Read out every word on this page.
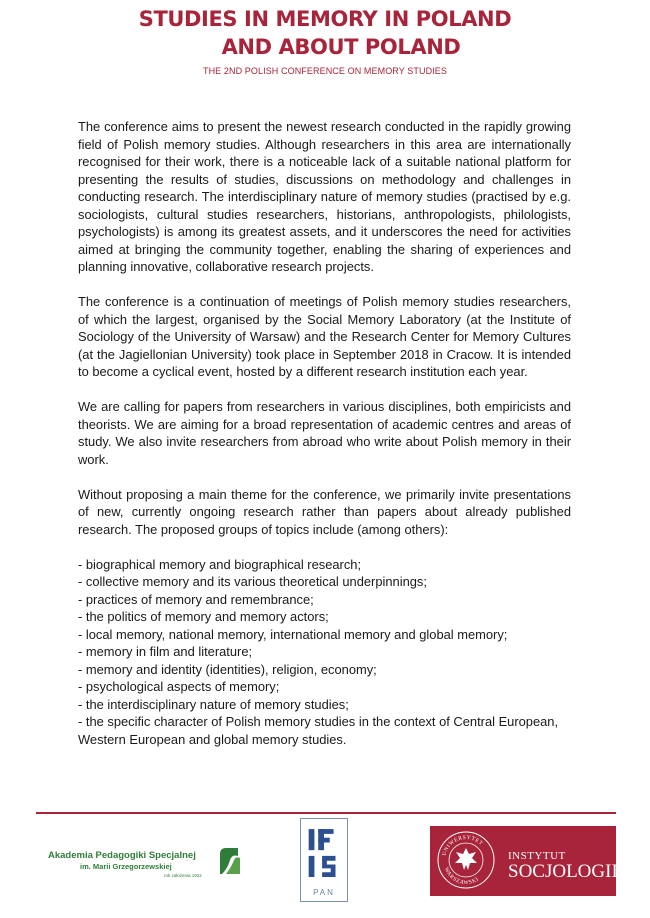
STUDIES IN MEMORY IN POLAND
AND ABOUT POLAND
THE 2ND POLISH CONFERENCE ON MEMORY STUDIES

The conference aims to present the newest research conducted in the rapidly growing field of Polish memory studies. Although researchers in this area are internationally recognised for their work, there is a noticeable lack of a suitable national platform for presenting the results of studies, discussions on methodology and challenges in conducting research. The interdisciplinary nature of memory studies (practised by e.g. sociologists, cultural studies researchers, historians, anthropologists, philologists, psychologists) is among its greatest assets, and it underscores the need for activities aimed at bringing the community together, enabling the sharing of experiences and planning innovative, collaborative research projects.

The conference is a continuation of meetings of Polish memory studies researchers, of which the largest, organised by the Social Memory Laboratory (at the Institute of Sociology of the University of Warsaw) and the Research Center for Memory Cultures (at the Jagiellonian University) took place in September 2018 in Cracow. It is intended to become a cyclical event, hosted by a different research institution each year.

We are calling for papers from researchers in various disciplines, both empiricists and theorists. We are aiming for a broad representation of academic centres and areas of study. We also invite researchers from abroad who write about Polish memory in their work.

Without proposing a main theme for the conference, we primarily invite presentations of new, currently ongoing research rather than papers about already published research. The proposed groups of topics include (among others):

- biographical memory and biographical research;
- collective memory and its various theoretical underpinnings;
- practices of memory and remembrance;
- the politics of memory and memory actors;
- local memory, national memory, international memory and global memory;
- memory in film and literature;
- memory and identity (identities), religion, economy;
- psychological aspects of memory;
- the interdisciplinary nature of memory studies;
- the specific character of Polish memory studies in the context of Central European, Western European and global memory studies.
Akademia Pedagogiki Specjalnej
im. Marii Grzegorzewskiej
rok założenia 1922
PAN
UNIWERSYTET
WARSZAWSKI
INSTYTUT
SOCJOLOGII
